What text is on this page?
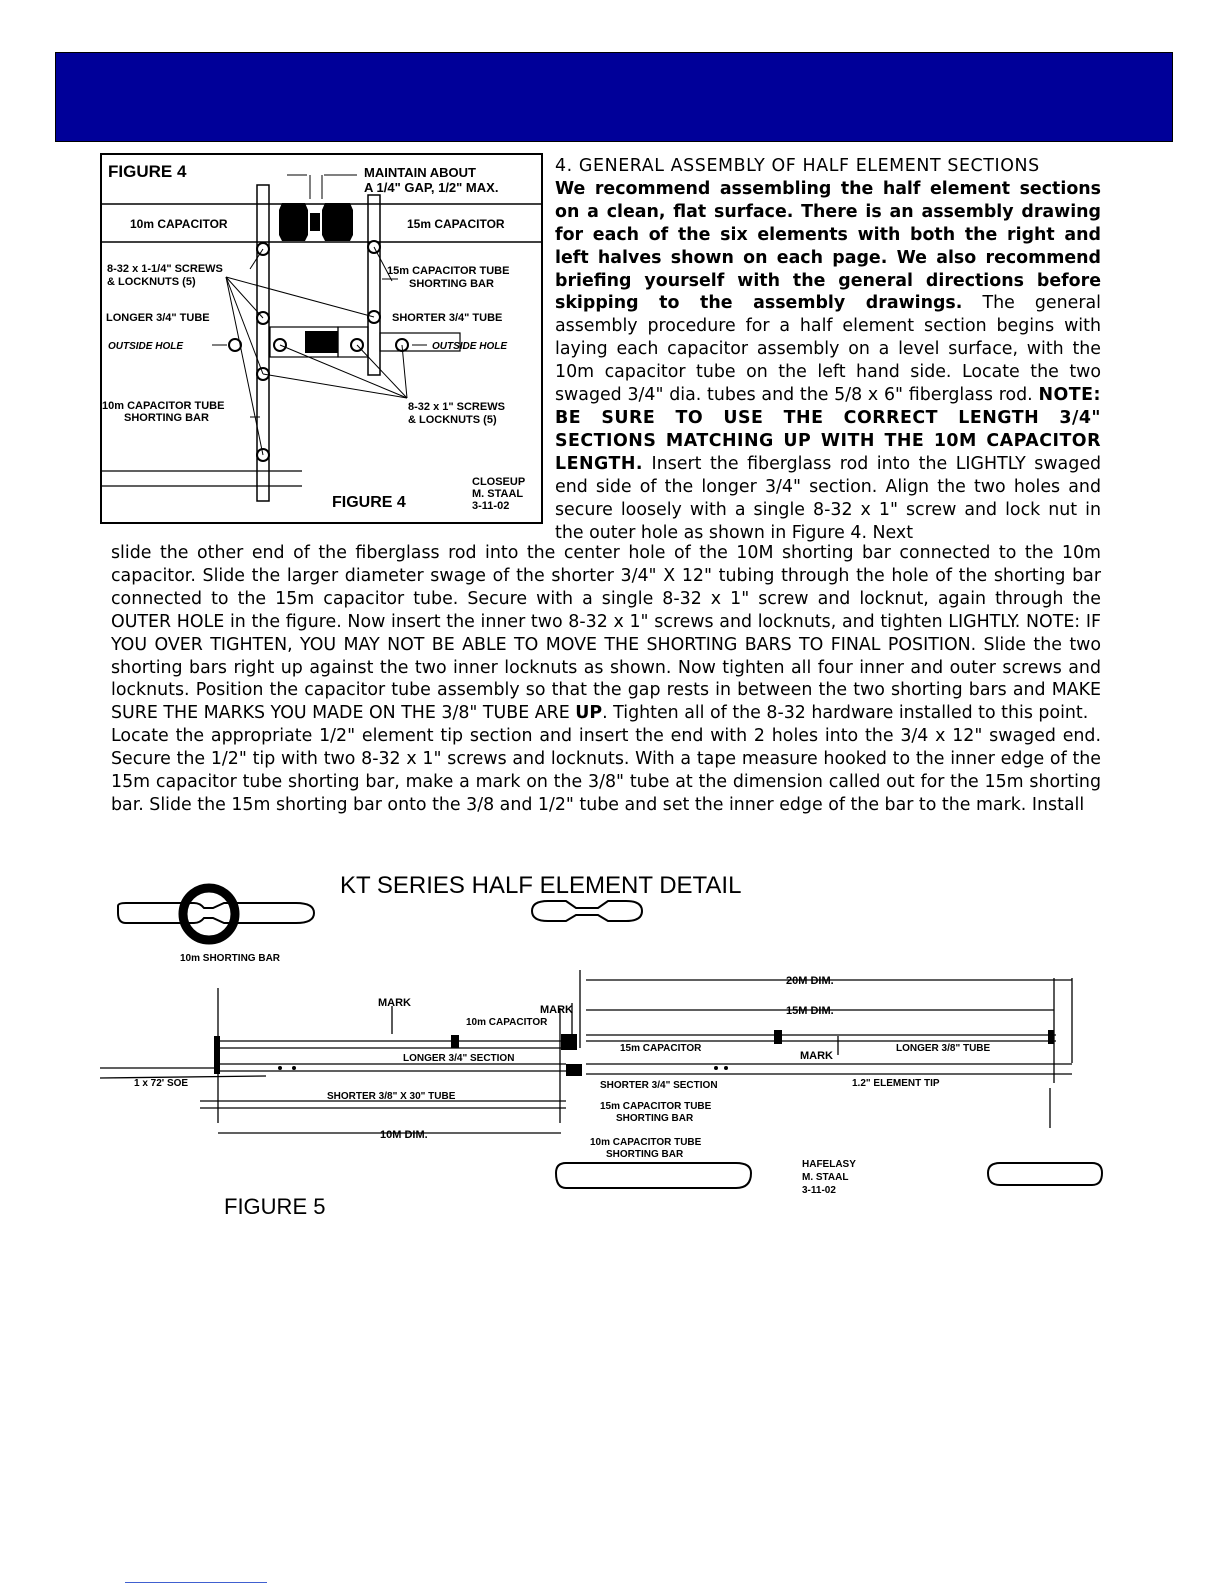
FIGURE 4	MAINTAIN ABOUT
A 1/4" GAP, 1/2" MAX.
10m CAPACITOR	15m CAPACITOR
8-32 x 1-1/4" SCREWS
& LOCKNUTS (5)
15m CAPACITOR TUBE
SHORTING BAR
LONGER 3/4" TUBE	SHORTER 3/4" TUBE
OUTSIDE HOLE	OUTSIDE HOLE
10m CAPACITOR TUBE
SHORTING BAR
8-32 x 1" SCREWS
& LOCKNUTS (5)
CLOSEUP
M. STAAL
3-11-02
FIGURE 4
4. GENERAL ASSEMBLY OF HALF ELEMENT SECTIONS
We recommend assembling the half element sections on a clean, flat surface. There is an assembly drawing for each of the six elements with both the right and left halves shown on each page. We also recommend briefing yourself with the general directions before skipping to the assembly drawings. The general assembly procedure for a half element section begins with laying each capacitor assembly on a level surface, with the 10m capacitor tube on the left hand side. Locate the two swaged 3/4" dia. tubes and the 5/8 x 6" fiberglass rod. NOTE: BE SURE TO USE THE CORRECT LENGTH 3/4" SECTIONS MATCHING UP WITH THE 10M CAPACITOR LENGTH. Insert the fiberglass rod into the LIGHTLY swaged end side of the longer 3/4" section. Align the two holes and secure loosely with a single 8-32 x 1" screw and lock nut in the outer hole as shown in Figure 4. Next
slide the other end of the fiberglass rod into the center hole of the 10M shorting bar connected to the 10m capacitor. Slide the larger diameter swage of the shorter 3/4" X 12" tubing through the hole of the shorting bar connected to the 15m capacitor tube. Secure with a single 8-32 x 1" screw and locknut, again through the OUTER HOLE in the figure. Now insert the inner two 8-32 x 1" screws and locknuts, and tighten LIGHTLY. NOTE: IF YOU OVER TIGHTEN, YOU MAY NOT BE ABLE TO MOVE THE SHORTING BARS TO FINAL POSITION. Slide the two shorting bars right up against the two inner locknuts as shown. Now tighten all four inner and outer screws and locknuts. Position the capacitor tube assembly so that the gap rests in between the two shorting bars and MAKE SURE THE MARKS YOU MADE ON THE 3/8" TUBE ARE UP. Tighten all of the 8-32 hardware installed to this point.
Locate the appropriate 1/2" element tip section and insert the end with 2 holes into the 3/4 x 12" swaged end. Secure the 1/2" tip with two 8-32 x 1" screws and locknuts. With a tape measure hooked to the inner edge of the 15m capacitor tube shorting bar, make a mark on the 3/8" tube at the dimension called out for the 15m shorting bar. Slide the 15m shorting bar onto the 3/8 and 1/2" tube and set the inner edge of the bar to the mark. Install
KT SERIES HALF ELEMENT DETAIL
10m SHORTING BAR
20M DIM.
15M DIM.
MARK
MARK
MARK
10m CAPACITOR
15m CAPACITOR
LONGER 3/4" SECTION
LONGER 3/8" TUBE
1 x 72' SOE
SHORTER 3/8" X 30" TUBE
SHORTER 3/4" SECTION	1.2" ELEMENT TIP
15m CAPACITOR TUBE
SHORTING BAR
10m CAPACITOR TUBE
SHORTING BAR
10M DIM.
HAFELASY
M. STAAL
3-11-02
FIGURE 5
